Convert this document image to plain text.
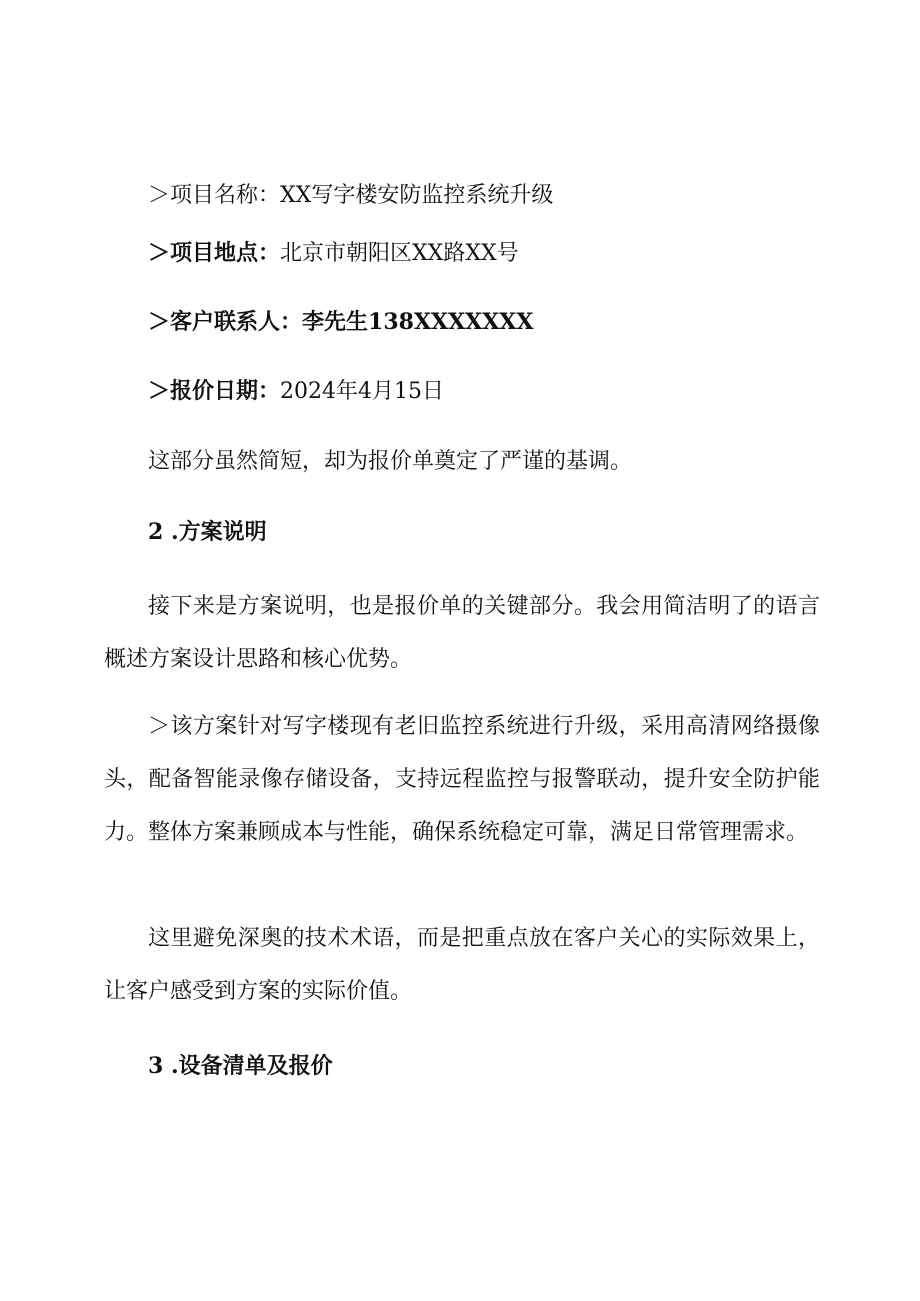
＞项目名称：XX写字楼安防监控系统升级
＞项目地点：北京市朝阳区XX路XX号
＞客户联系人：李先生138XXXXXXX
＞报价日期：2024年4月15日
这部分虽然简短，却为报价单奠定了严谨的基调。
2 .方案说明
接下来是方案说明，也是报价单的关键部分。我会用简洁明了的语言概述方案设计思路和核心优势。
＞该方案针对写字楼现有老旧监控系统进行升级，采用高清网络摄像头，配备智能录像存储设备，支持远程监控与报警联动，提升安全防护能力。整体方案兼顾成本与性能，确保系统稳定可靠，满足日常管理需求。
这里避免深奥的技术术语，而是把重点放在客户关心的实际效果上，让客户感受到方案的实际价值。
3 .设备清单及报价
